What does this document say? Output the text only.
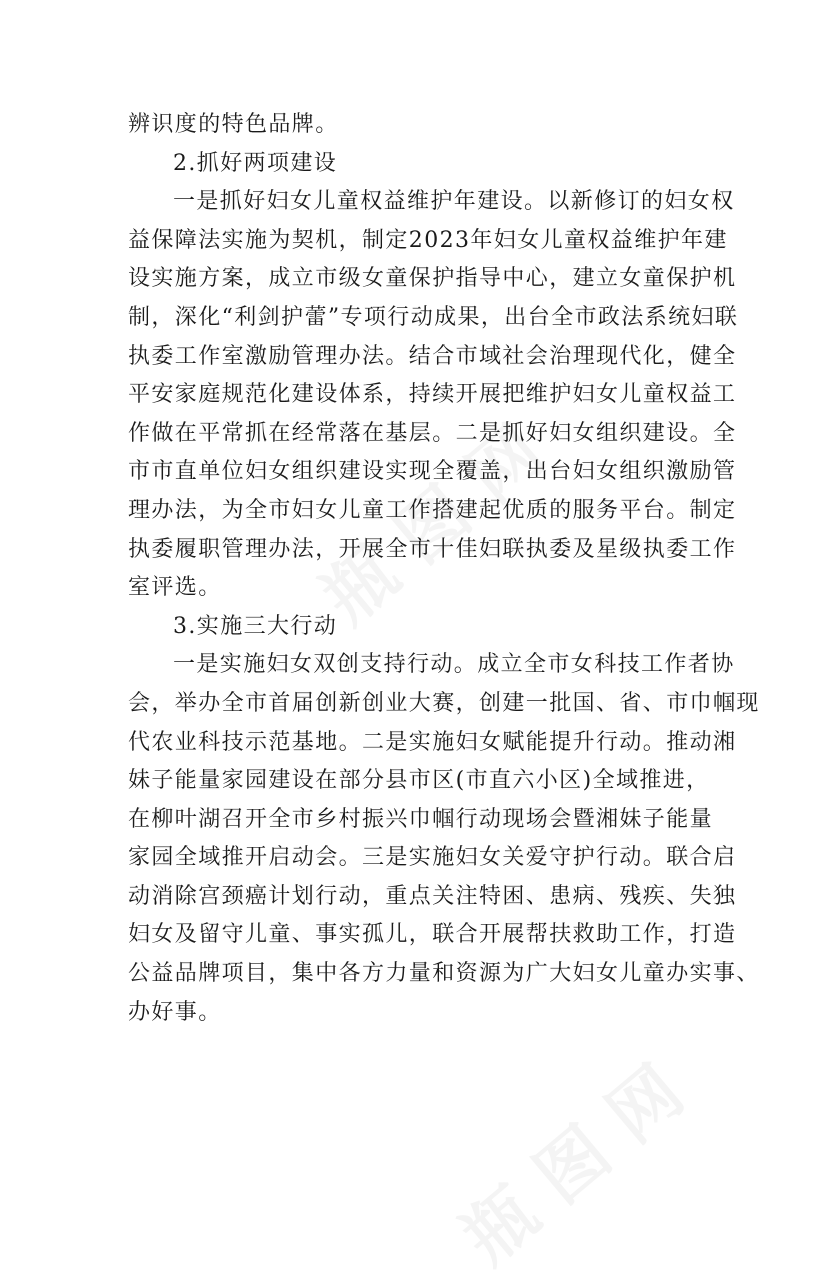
辨识度的特色品牌。
2.抓好两项建设
一是抓好妇女儿童权益维护年建设。以新修订的妇女权
益保障法实施为契机，制定2023年妇女儿童权益维护年建
设实施方案，成立市级女童保护指导中心，建立女童保护机
制，深化“利剑护蕾”专项行动成果，出台全市政法系统妇联
执委工作室激励管理办法。结合市域社会治理现代化，健全
平安家庭规范化建设体系，持续开展把维护妇女儿童权益工
作做在平常抓在经常落在基层。二是抓好妇女组织建设。全
市市直单位妇女组织建设实现全覆盖，出台妇女组织激励管
理办法，为全市妇女儿童工作搭建起优质的服务平台。制定
执委履职管理办法，开展全市十佳妇联执委及星级执委工作
室评选。
3.实施三大行动
一是实施妇女双创支持行动。成立全市女科技工作者协
会，举办全市首届创新创业大赛，创建一批国、省、市巾帼现
代农业科技示范基地。二是实施妇女赋能提升行动。推动湘
妹子能量家园建设在部分县市区(市直六小区)全域推进，
在柳叶湖召开全市乡村振兴巾帼行动现场会暨湘妹子能量
家园全域推开启动会。三是实施妇女关爱守护行动。联合启
动消除宫颈癌计划行动，重点关注特困、患病、残疾、失独
妇女及留守儿童、事实孤儿，联合开展帮扶救助工作，打造
公益品牌项目，集中各方力量和资源为广大妇女儿童办实事、
办好事。
